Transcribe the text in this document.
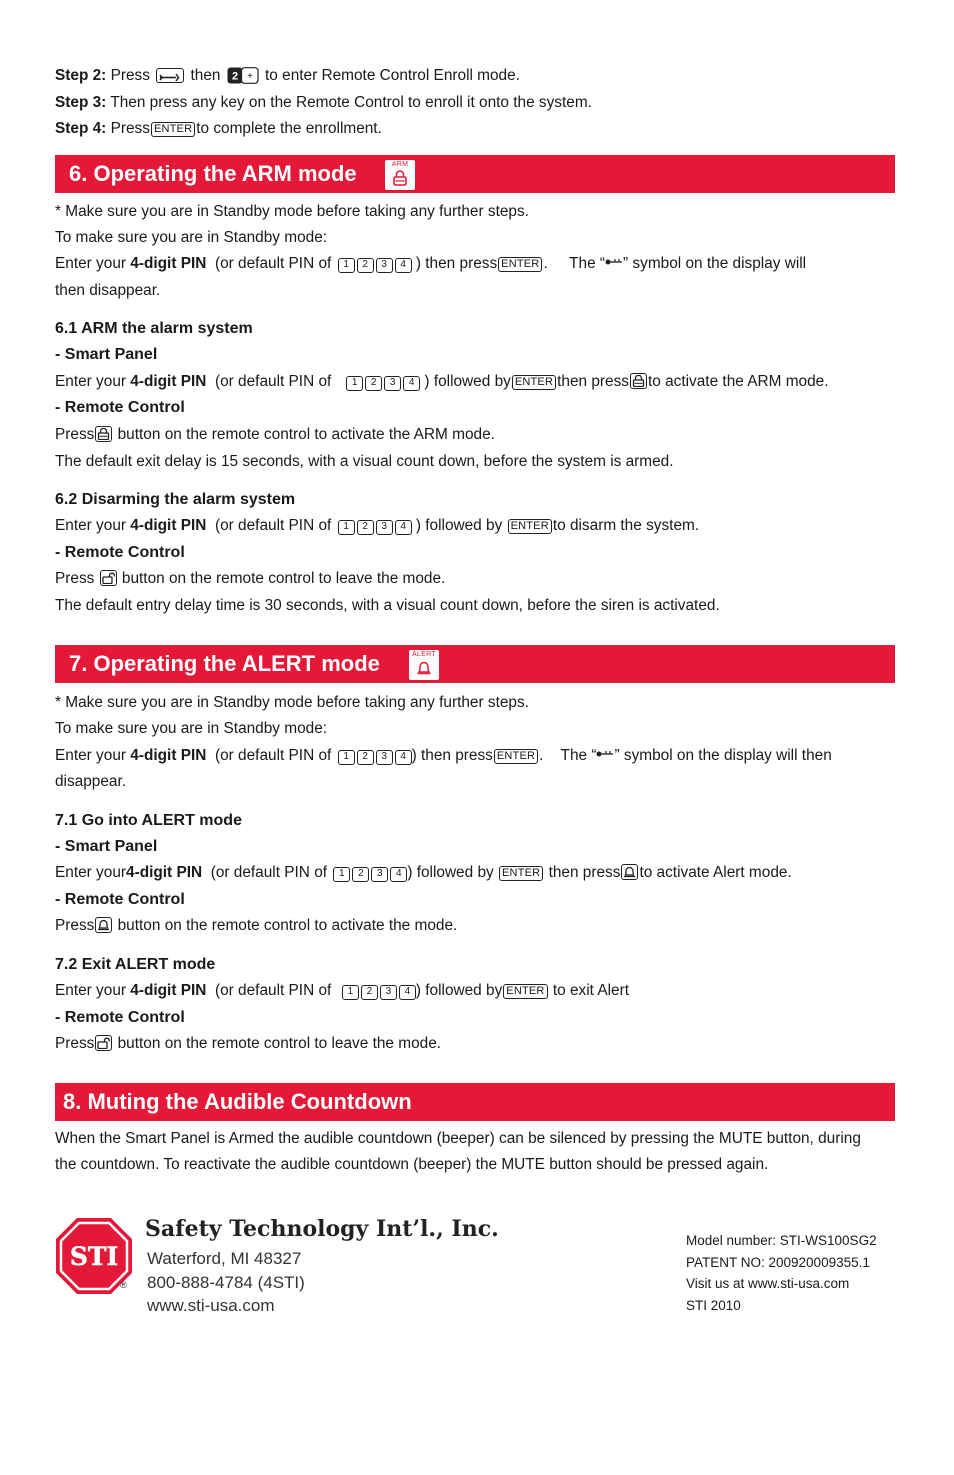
Step 2: Press	then 2 + to enter Remote Control Enroll mode.
Step 3: Then press any key on the Remote Control to enroll it onto the system.
Step 4: Press ENTER to complete the enrollment.
6. Operating the ARM mode	ARM
* Make sure you are in Standby mode before taking any further steps.
To make sure you are in Standby mode:
Enter your 4-digit PIN (or default PIN of 1 2 3 4 ) then press ENTER . The “ ” symbol on the display will
then disappear.
6.1 ARM the alarm system
- Smart Panel
Enter your 4-digit PIN (or default PIN of 1 2 3 4 ) followed by ENTER then press to activate the ARM mode.
- Remote Control
Press button on the remote control to activate the ARM mode.
The default exit delay is 15 seconds, with a visual count down, before the system is armed.
6.2 Disarming the alarm system
Enter your 4-digit PIN (or default PIN of 1 2 3 4 ) followed by ENTER to disarm the system.
- Remote Control
Press button on the remote control to leave the mode.
The default entry delay time is 30 seconds, with a visual count down, before the siren is activated.
7. Operating the ALERT mode	ALERT
* Make sure you are in Standby mode before taking any further steps.
To make sure you are in Standby mode:
Enter your 4-digit PIN (or default PIN of 1 2 3 4 ) then press ENTER . The “ ” symbol on the display will then
disappear.
7.1 Go into ALERT mode
- Smart Panel
Enter your4-digit PIN (or default PIN of 1 2 3 4 ) followed by ENTER then press to activate Alert mode.
- Remote Control
Press button on the remote control to activate the mode.
7.2 Exit ALERT mode
Enter your 4-digit PIN (or default PIN of 1 2 3 4 ) followed by ENTER to exit Alert
- Remote Control
Press button on the remote control to leave the mode.
8. Muting the Audible Countdown
When the Smart Panel is Armed the audible countdown (beeper) can be silenced by pressing the MUTE button, during
the countdown. To reactivate the audible countdown (beeper) the MUTE button should be pressed again.
STI
®
Safety Technology Int’l., Inc.
Waterford, MI 48327
800-888-4784 (4STI)
www.sti-usa.com
Model number: STI-WS100SG2
PATENT NO: 200920009355.1
Visit us at www.sti-usa.com
STI 2010
